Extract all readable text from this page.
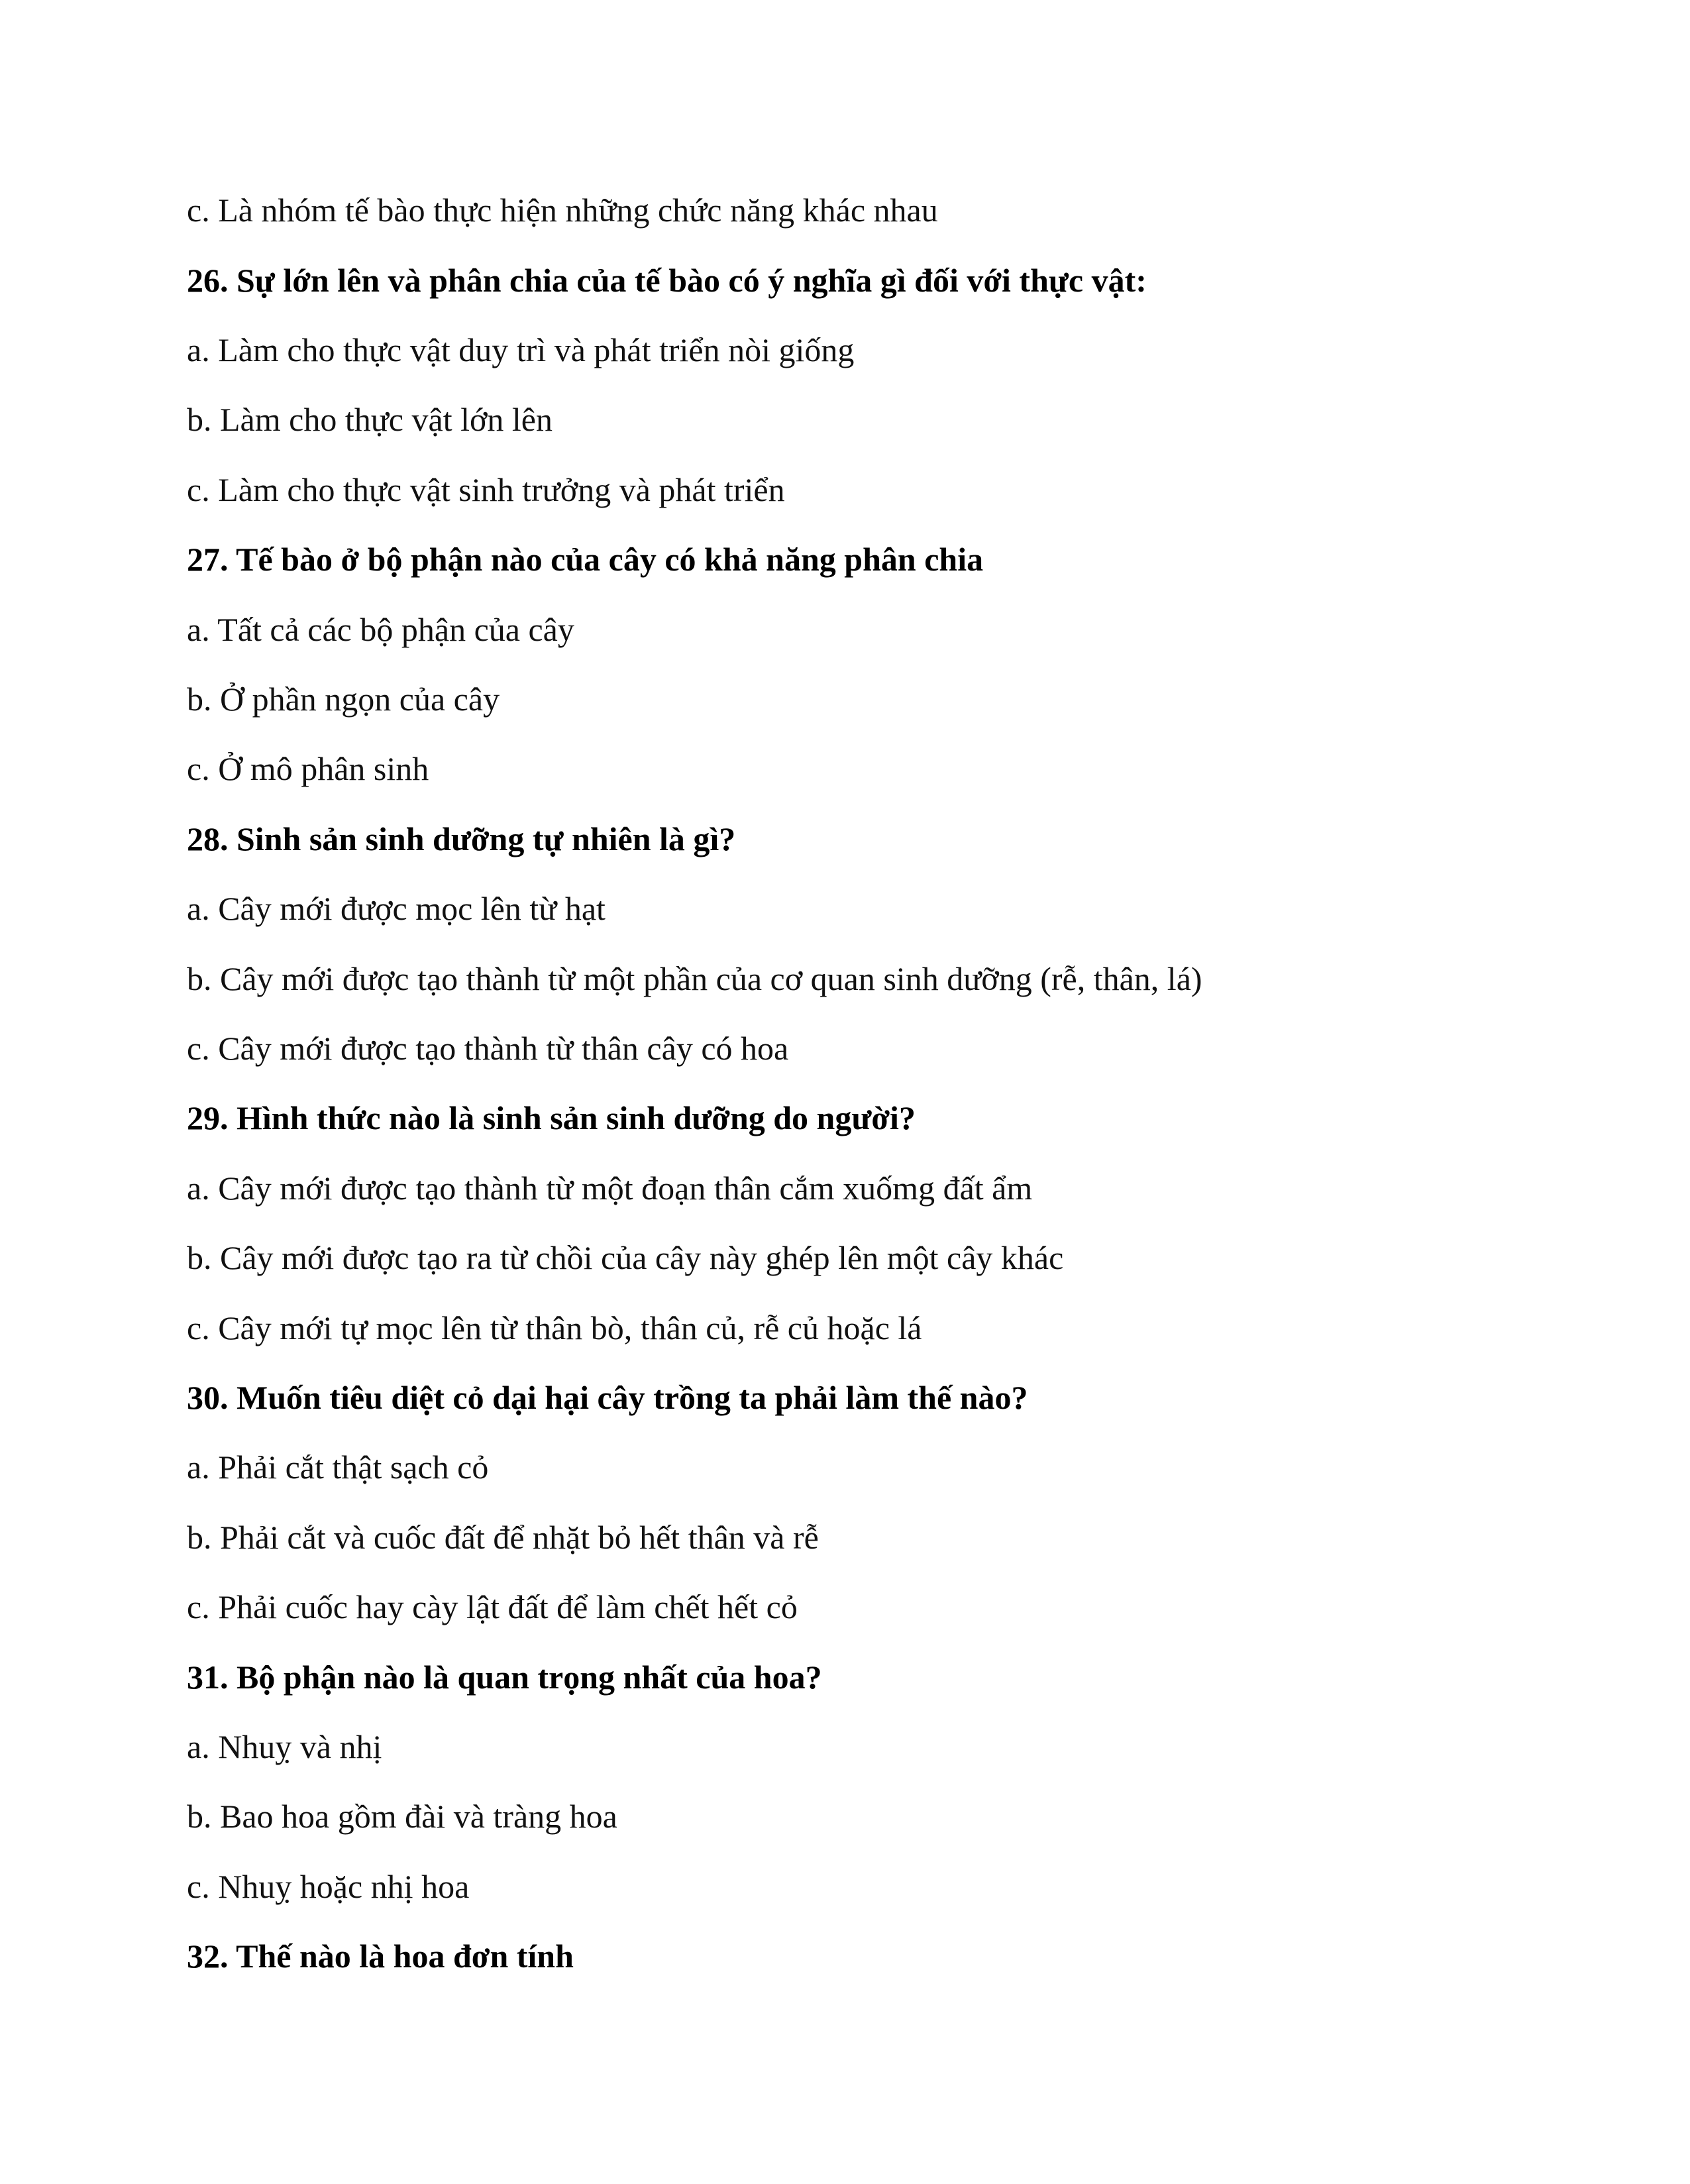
c. Là nhóm tế bào thực hiện những chức năng khác nhau
26. Sự lớn lên và phân chia của tế bào có ý nghĩa gì đối với thực vật:
a. Làm cho thực vật duy trì và phát triển nòi giống
b. Làm cho thực vật lớn lên
c. Làm cho thực vật sinh trưởng và phát triển
27. Tế bào ở bộ phận nào của cây có khả năng phân chia
a. Tất cả các bộ phận của cây
b. Ở phần ngọn của cây
c. Ở mô phân sinh
28. Sinh sản sinh dưỡng tự nhiên là gì?
a. Cây mới được mọc lên từ hạt
b. Cây mới được tạo thành từ một phần của cơ quan sinh dưỡng (rễ, thân, lá)
c. Cây mới được tạo thành từ thân cây có hoa
29. Hình thức nào là sinh sản sinh dưỡng do người?
a. Cây mới được tạo thành từ một đoạn thân cắm xuốmg đất ẩm
b. Cây mới được tạo ra từ chồi của cây này ghép lên một cây khác
c. Cây mới tự mọc lên từ thân bò, thân củ, rễ củ hoặc lá
30. Muốn tiêu diệt cỏ dại hại cây trồng ta phải làm thế nào?
a. Phải cắt thật sạch cỏ
b. Phải cắt và cuốc đất để nhặt bỏ hết thân và rễ
c. Phải cuốc hay cày lật đất để làm chết hết cỏ
31. Bộ phận nào là quan trọng nhất của hoa?
a. Nhuỵ và nhị
b. Bao hoa gồm đài và tràng hoa
c. Nhuỵ hoặc nhị hoa
32. Thế nào là hoa đơn tính
